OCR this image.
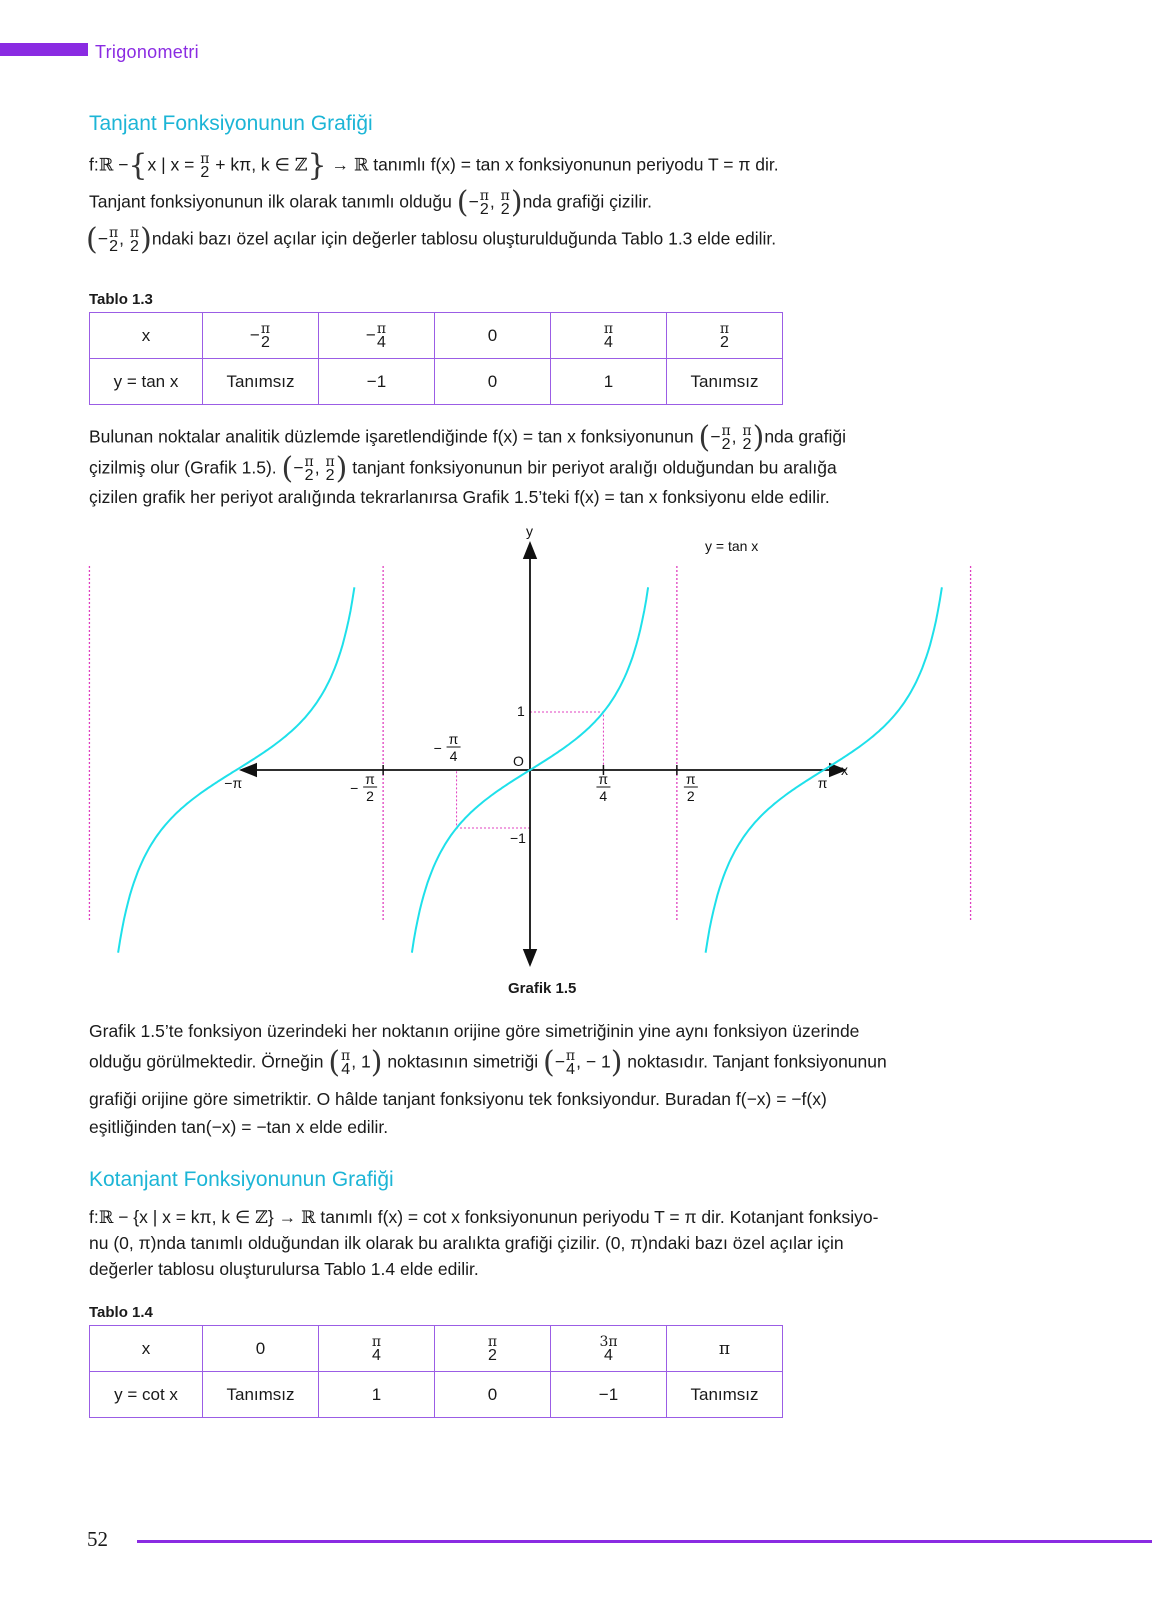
Trigonometri
Tanjant Fonksiyonunun Grafiği
f:ℝ −{x | x = π
2 + kπ, k ∈ ℤ} → ℝ tanımlı f(x) = tan x fonksiyonunun periyodu T = π dir.
Tanjant fonksiyonunun ilk olarak tanımlı olduğu (− π
2 , π
2 )nda grafiği çizilir.
(− π
2 , π
2 )ndaki bazı özel açılar için değerler tablosu oluşturulduğunda Tablo 1.3 elde edilir.
Tablo 1.3
x	− π
2	− π
4	0	π
4	π
2

y = tan x	Tanımsız	−1	0	1	Tanımsız
Bulunan noktalar analitik düzlemde işaretlendiğinde f(x) = tan x fonksiyonunun (− π
2 , π
2 )nda grafiği
çizilmiş olur (Grafik 1.5). (− π
2 , π
2 ) tanjant fonksiyonunun bir periyot aralığı olduğundan bu aralığa
çizilen grafik her periyot aralığında tekrarlanırsa Grafik 1.5’teki f(x) = tan x fonksiyonu elde edilir.
y
x
O
1
−1
y = tan x
−π	π
−
π
2
π
2
π
4
−
π
4
Grafik 1.5
Grafik 1.5’te fonksiyon üzerindeki her noktanın orijine göre simetriğinin yine aynı fonksiyon üzerinde
olduğu görülmektedir. Örneğin ( π
4 , 1) noktasının simetriği (− π
4 , − 1) noktasıdır. Tanjant fonksiyonunun
grafiği orijine göre simetriktir. O hâlde tanjant fonksiyonu tek fonksiyondur. Buradan f(−x) = −f(x)
eşitliğinden tan(−x) = −tan x elde edilir.
Kotanjant Fonksiyonunun Grafiği
f:ℝ − {x | x = kπ, k ∈ ℤ} → ℝ tanımlı f(x) = cot x fonksiyonunun periyodu T = π dir. Kotanjant fonksiyo-
nu (0, π)nda tanımlı olduğundan ilk olarak bu aralıkta grafiği çizilir. (0, π)ndaki bazı özel açılar için
değerler tablosu oluşturulursa Tablo 1.4 elde edilir.
Tablo 1.4
x	0	π
4	π
2	3π
4	π
y = cot x	Tanımsız	1	0	−1	Tanımsız
52
